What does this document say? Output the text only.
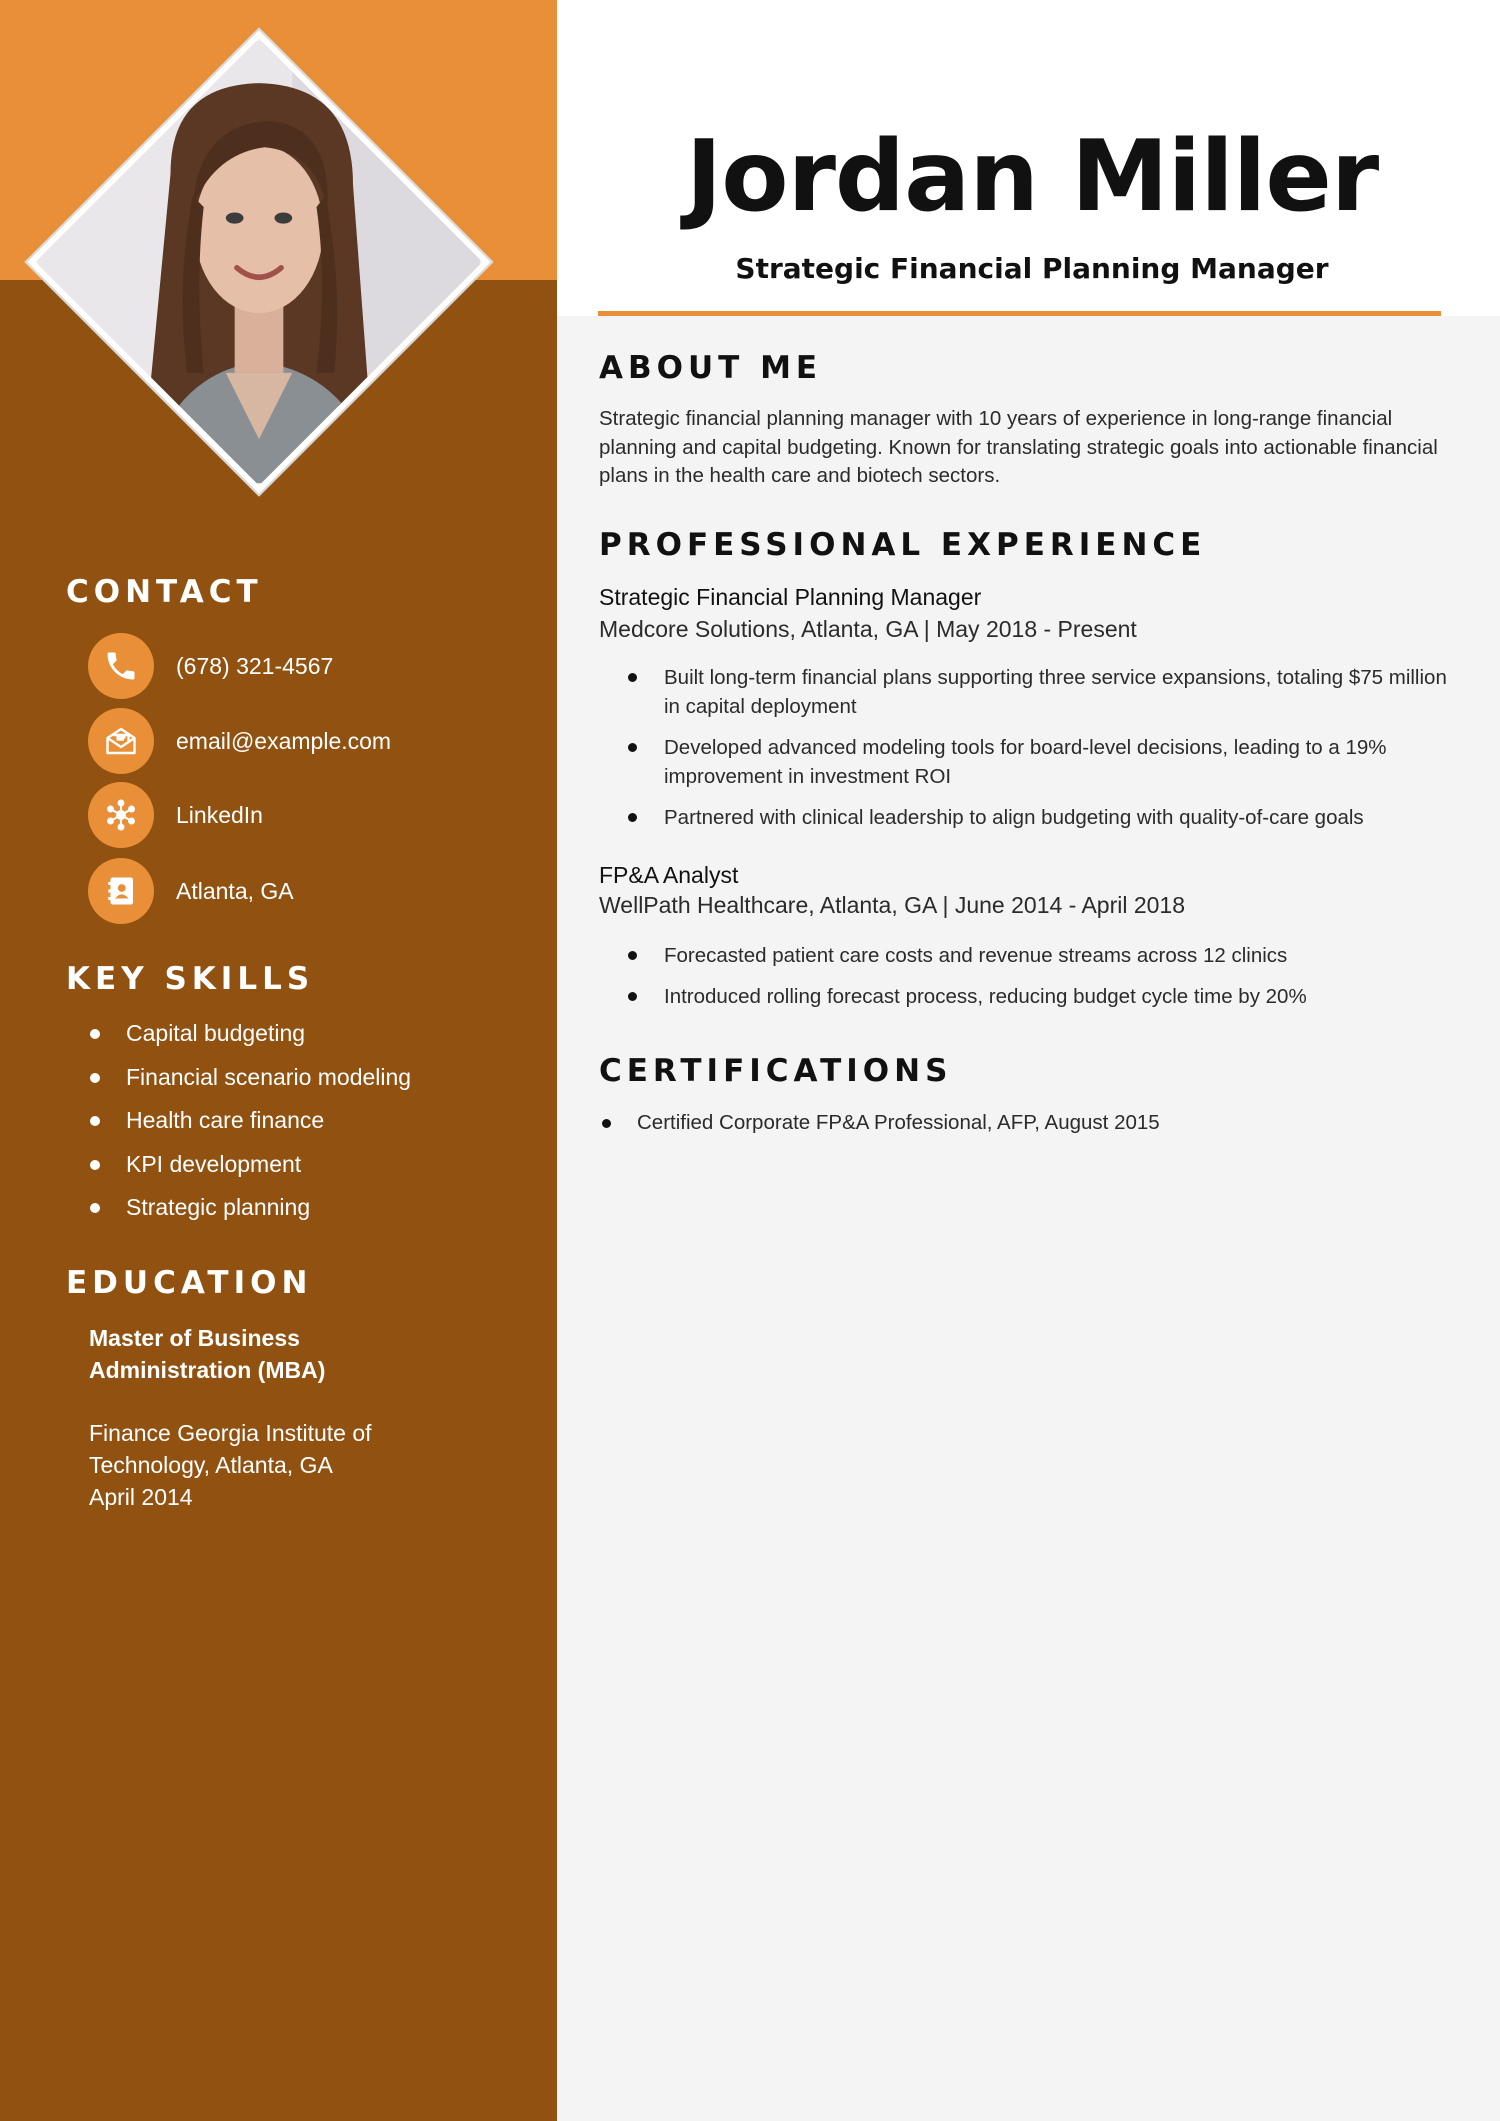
CONTACT
(678) 321-4567
email@example.com
LinkedIn
Atlanta, GA
KEY SKILLS
Capital budgeting
Financial scenario modeling
Health care finance
KPI development
Strategic planning
EDUCATION
Master of Business Administration (MBA)
Finance Georgia Institute of Technology, Atlanta, GA
April 2014
Jordan Miller
Strategic Financial Planning Manager
ABOUT ME

Strategic financial planning manager with 10 years of experience in long-range financial planning and capital budgeting. Known for translating strategic goals into actionable financial plans in the health care and biotech sectors.

PROFESSIONAL EXPERIENCE
Strategic Financial Planning Manager
Medcore Solutions, Atlanta, GA | May 2018 - Present
Built long-term financial plans supporting three service expansions, totaling $75 million in capital deployment
Developed advanced modeling tools for board-level decisions, leading to a 19% improvement in investment ROI
Partnered with clinical leadership to align budgeting with quality-of-care goals
FP&A Analyst
WellPath Healthcare, Atlanta, GA | June 2014 - April 2018
Forecasted patient care costs and revenue streams across 12 clinics
Introduced rolling forecast process, reducing budget cycle time by 20%
CERTIFICATIONS
Certified Corporate FP&A Professional, AFP, August 2015
